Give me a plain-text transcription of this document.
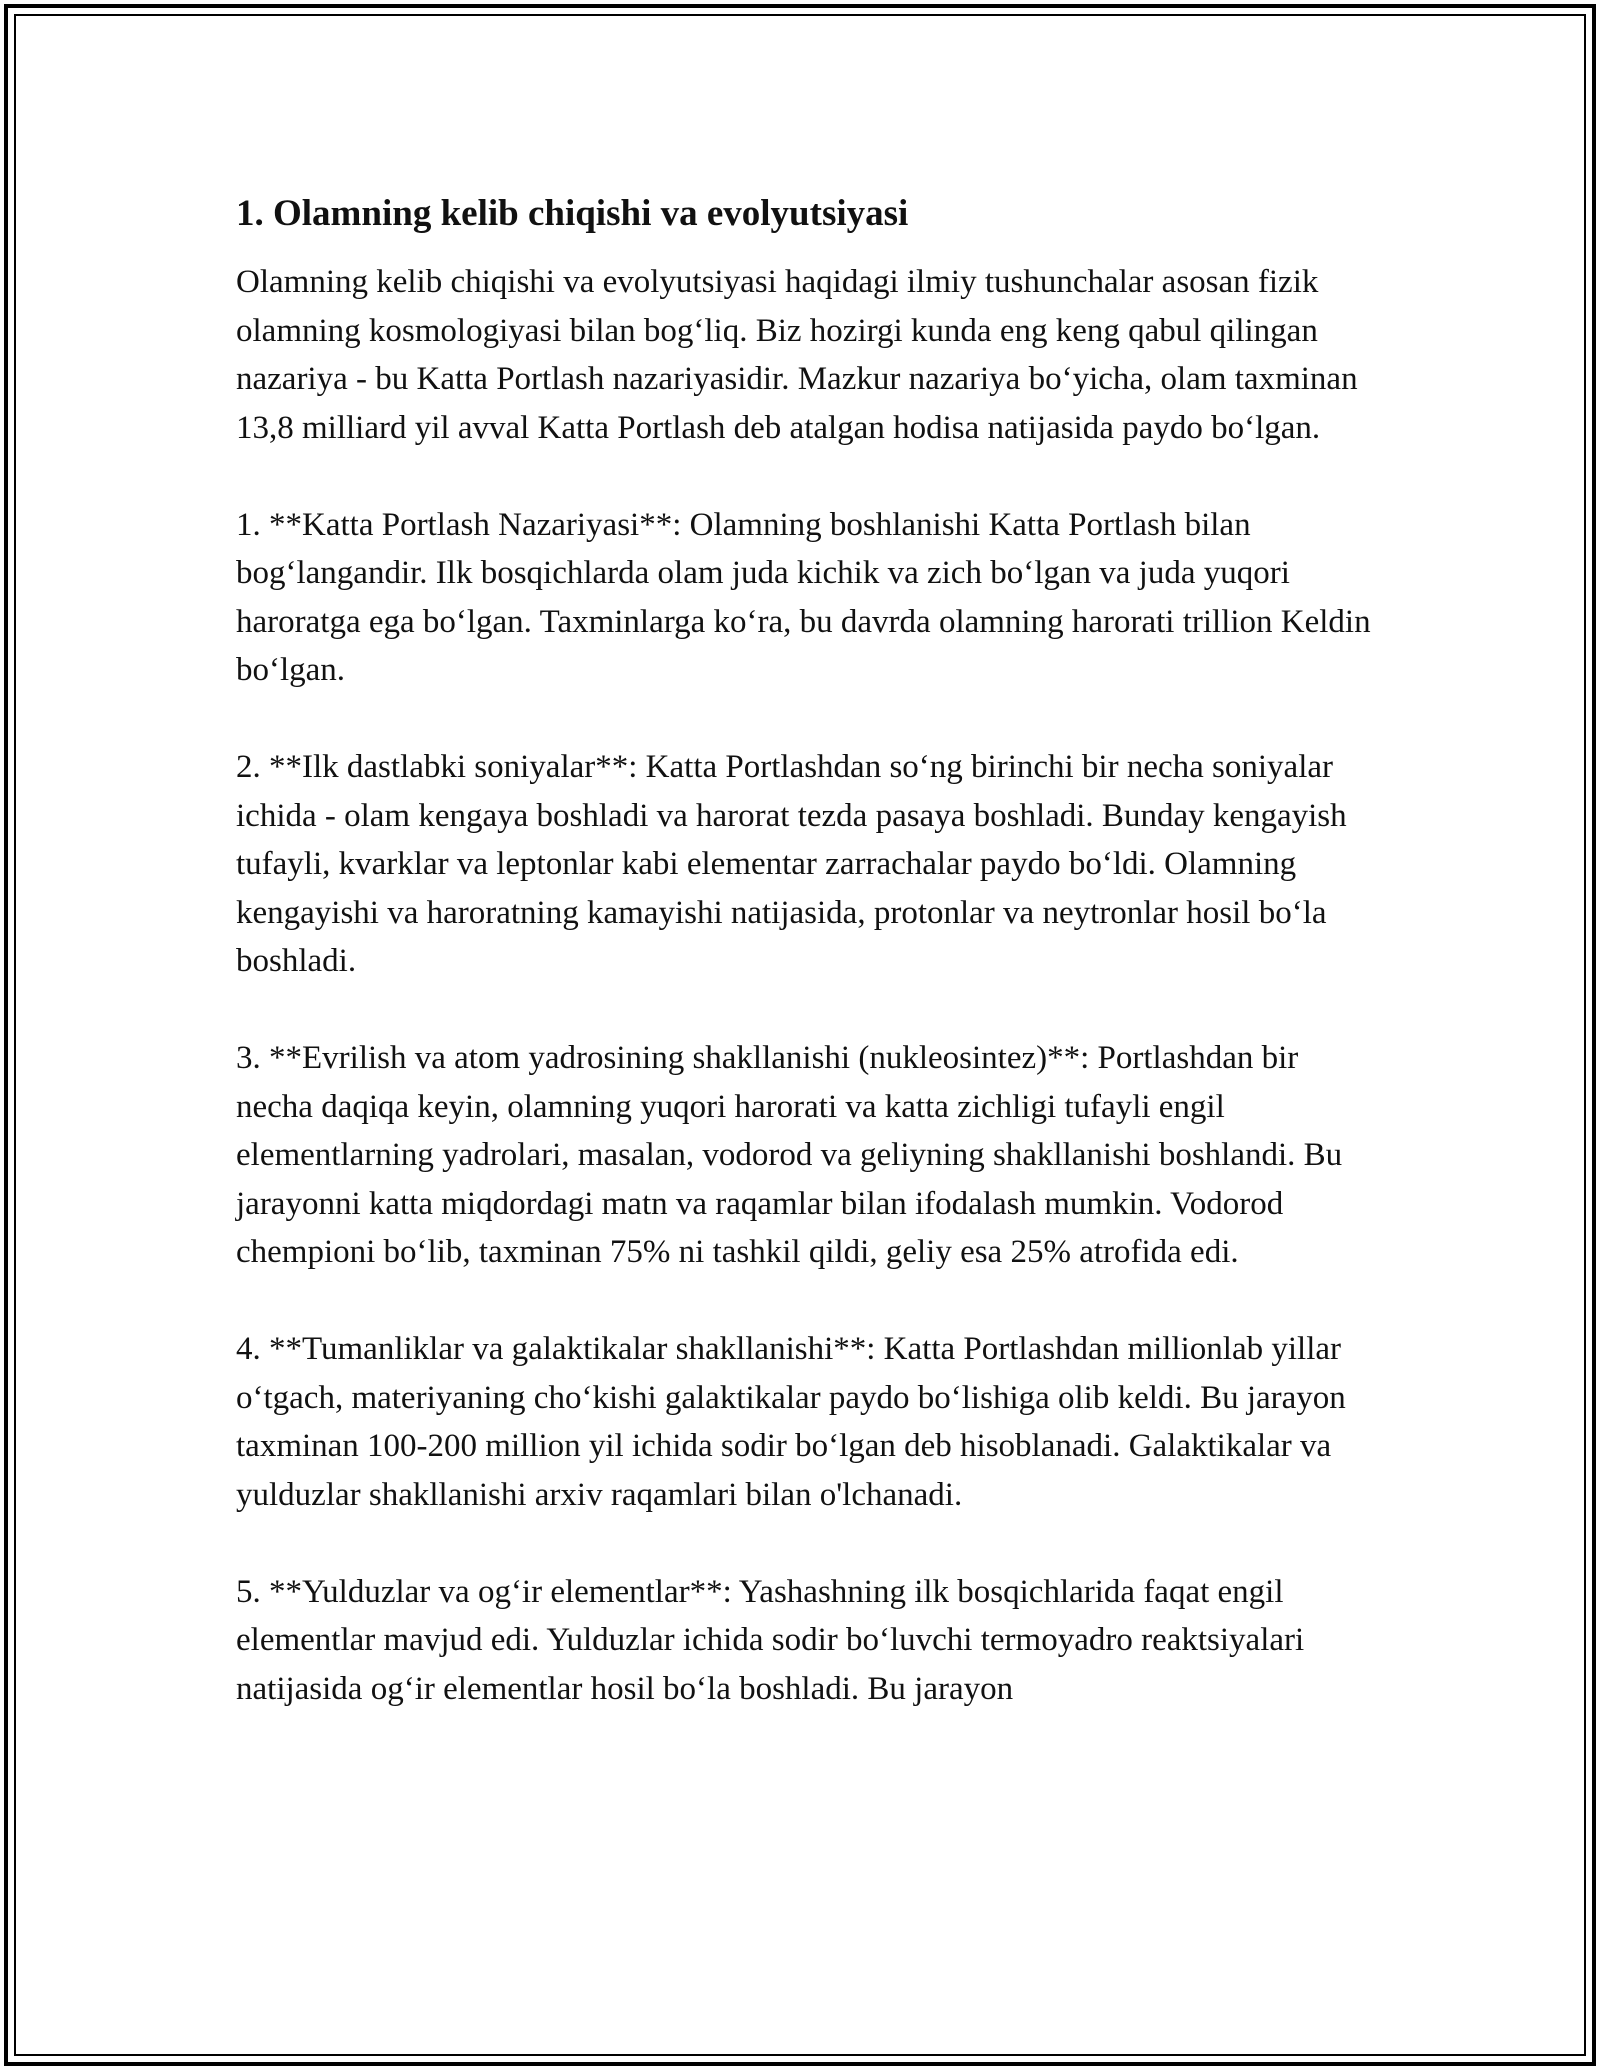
1. Olamning kelib chiqishi va evolyutsiyasi

Olamning kelib chiqishi va evolyutsiyasi haqidagi ilmiy tushunchalar asosan fizik olamning kosmologiyasi bilan bog‘liq. Biz hozirgi kunda eng keng qabul qilingan nazariya - bu Katta Portlash nazariyasidir. Mazkur nazariya bo‘yicha, olam taxminan 13,8 milliard yil avval Katta Portlash deb atalgan hodisa natijasida paydo bo‘lgan.

1. **Katta Portlash Nazariyasi**: Olamning boshlanishi Katta Portlash bilan bog‘langandir. Ilk bosqichlarda olam juda kichik va zich bo‘lgan va juda yuqori haroratga ega bo‘lgan. Taxminlarga ko‘ra, bu davrda olamning harorati trillion Keldin bo‘lgan.

2. **Ilk dastlabki soniyalar**: Katta Portlashdan so‘ng birinchi bir necha soniyalar ichida - olam kengaya boshladi va harorat tezda pasaya boshladi. Bunday kengayish tufayli, kvarklar va leptonlar kabi elementar zarrachalar paydo bo‘ldi. Olamning kengayishi va haroratning kamayishi natijasida, protonlar va neytronlar hosil bo‘la boshladi.

3. **Evrilish va atom yadrosining shakllanishi (nukleosintez)**: Portlashdan bir necha daqiqa keyin, olamning yuqori harorati va katta zichligi tufayli engil elementlarning yadrolari, masalan, vodorod va geliyning shakllanishi boshlandi. Bu jarayonni katta miqdordagi matn va raqamlar bilan ifodalash mumkin. Vodorod chempioni bo‘lib, taxminan 75% ni tashkil qildi, geliy esa 25% atrofida edi.

4. **Tumanliklar va galaktikalar shakllanishi**: Katta Portlashdan millionlab yillar o‘tgach, materiyaning cho‘kishi galaktikalar paydo bo‘lishiga olib keldi. Bu jarayon taxminan 100-200 million yil ichida sodir bo‘lgan deb hisoblanadi. Galaktikalar va yulduzlar shakllanishi arxiv raqamlari bilan o'lchanadi.

5. **Yulduzlar va og‘ir elementlar**: Yashashning ilk bosqichlarida faqat engil elementlar mavjud edi. Yulduzlar ichida sodir bo‘luvchi termoyadro reaktsiyalari natijasida og‘ir elementlar hosil bo‘la boshladi. Bu jarayon
